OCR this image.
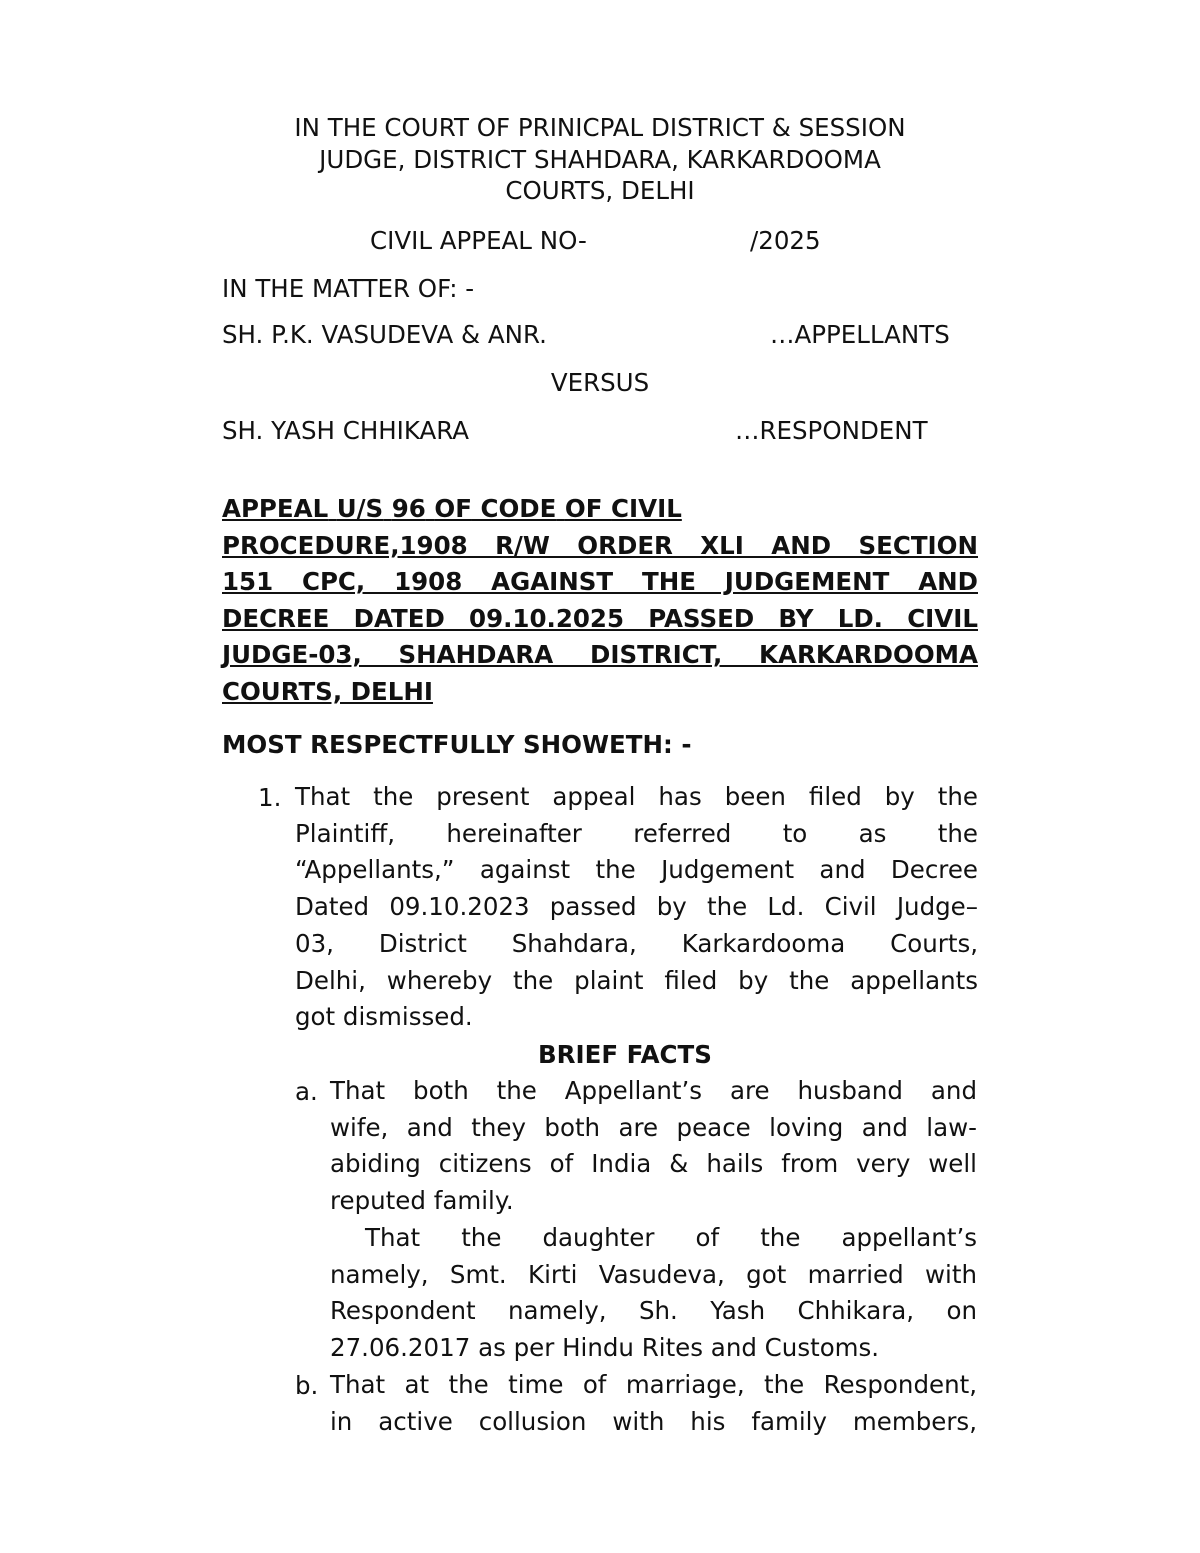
IN THE COURT OF PRINICPAL DISTRICT & SESSION
JUDGE, DISTRICT SHAHDARA, KARKARDOOMA
COURTS, DELHI
CIVIL APPEAL NO-	/2025
IN THE MATTER OF: -
SH. P.K. VASUDEVA & ANR.	…APPELLANTS
VERSUS
SH. YASH CHHIKARA	…RESPONDENT
APPEAL U/S 96 OF CODE OF CIVIL
PROCEDURE,1908 R/W ORDER XLI AND SECTION
151 CPC, 1908 AGAINST THE JUDGEMENT AND
DECREE DATED 09.10.2025 PASSED BY LD. CIVIL
JUDGE-03, SHAHDARA DISTRICT, KARKARDOOMA
COURTS, DELHI
MOST RESPECTFULLY SHOWETH: -
1. That the present appeal has been filed by the
Plaintiff, hereinafter referred to as the
“Appellants,” against the Judgement and Decree
Dated 09.10.2023 passed by the Ld. Civil Judge–
03, District Shahdara, Karkardooma Courts,
Delhi, whereby the plaint filed by the appellants
got dismissed.
BRIEF FACTS
a. That both the Appellant’s are husband and
wife, and they both are peace loving and law-
abiding citizens of India & hails from very well
reputed family.
That the daughter of the appellant’s
namely, Smt. Kirti Vasudeva, got married with
Respondent namely, Sh. Yash Chhikara, on
27.06.2017 as per Hindu Rites and Customs.
b. That at the time of marriage, the Respondent,
in active collusion with his family members,
